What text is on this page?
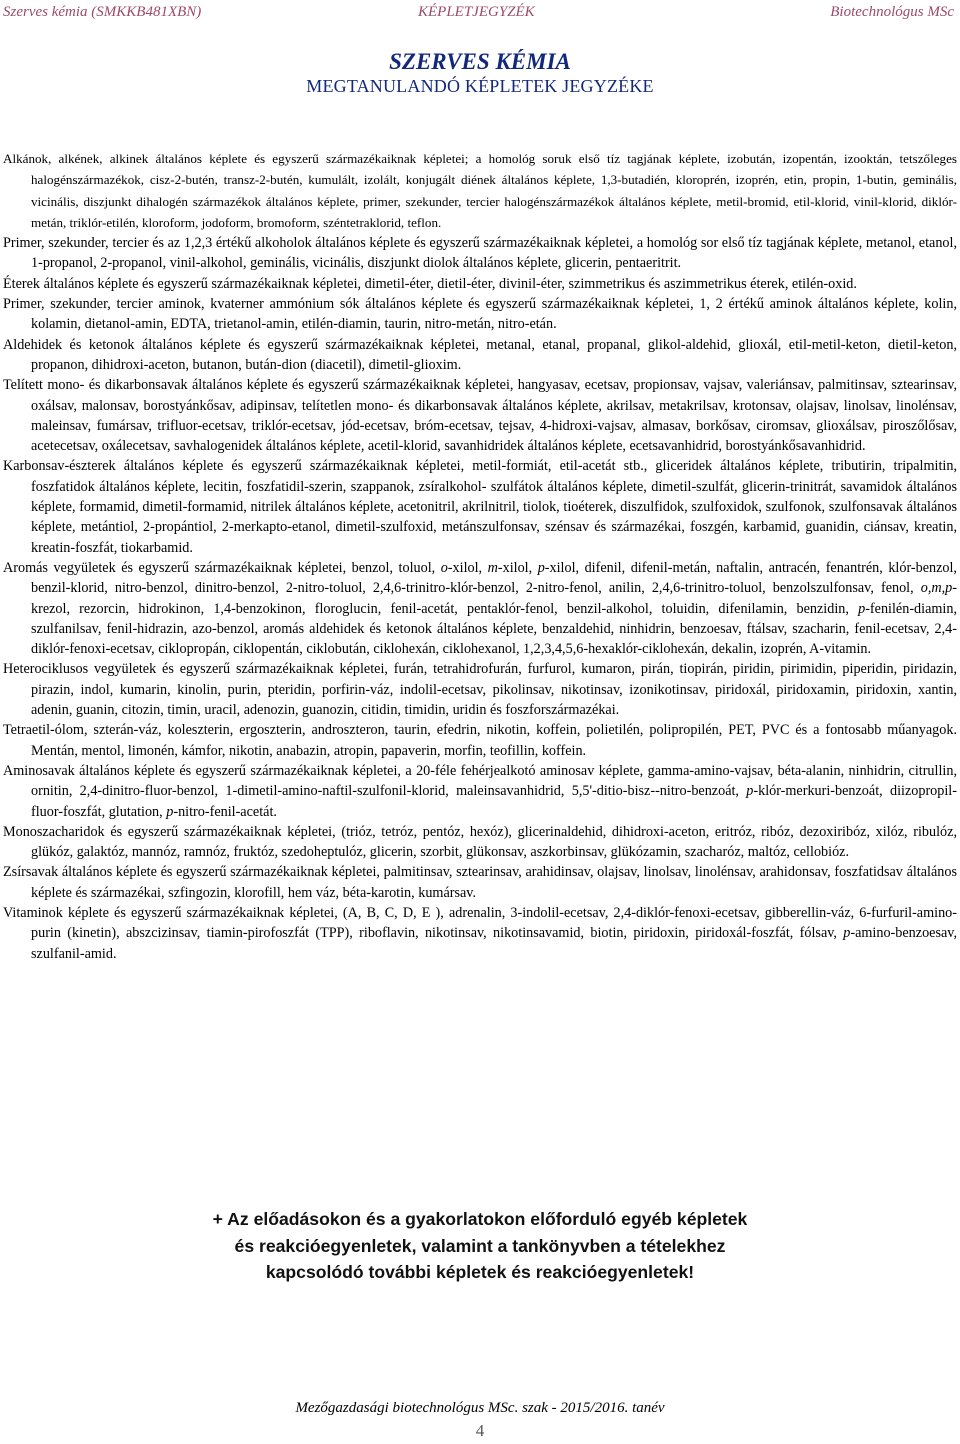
Szerves kémia (SMKKB481XBN)	KÉPLETJEGYZÉK	Biotechnológus MSc
SZERVES KÉMIA
MEGTANULANDÓ KÉPLETEK JEGYZÉKE

Alkánok, alkének, alkinek általános képlete és egyszerű származékaiknak képletei; a homológ soruk első tíz tagjának képlete, izobután, izopentán, izooktán, tetszőleges halogénszármazékok, cisz-2-butén, transz-2-butén, kumulált, izolált, konjugált diének általános képlete, 1,3-butadién, kloroprén, izoprén, etin, propin, 1-butin, geminális, vicinális, diszjunkt dihalogén származékok általános képlete, primer, szekunder, tercier halogénszármazékok általános képlete, metil-bromid, etil-klorid, vinil-klorid, diklór-metán, triklór-etilén, kloroform, jodoform, bromoform, széntetraklorid, teflon.

Primer, szekunder, tercier és az 1,2,3 értékű alkoholok általános képlete és egyszerű származékaiknak képletei, a homológ sor első tíz tagjának képlete, metanol, etanol, 1-propanol, 2-propanol, vinil-alkohol, geminális, vicinális, diszjunkt diolok általános képlete, glicerin, pentaeritrit.

Éterek általános képlete és egyszerű származékaiknak képletei, dimetil-éter, dietil-éter, divinil-éter, szimmetrikus és aszimmetrikus éterek, etilén-oxid.

Primer, szekunder, tercier aminok, kvaterner ammónium sók általános képlete és egyszerű származékaiknak képletei, 1, 2 értékű aminok általános képlete, kolin, kolamin, dietanol-amin, EDTA, trietanol-amin, etilén-diamin, taurin, nitro-metán, nitro-etán.

Aldehidek és ketonok általános képlete és egyszerű származékaiknak képletei, metanal, etanal, propanal, glikol-aldehid, glioxál, etil-metil-keton, dietil-keton, propanon, dihidroxi-aceton, butanon, bután-dion (diacetil), dimetil-glioxim.

Telített mono- és dikarbonsavak általános képlete és egyszerű származékaiknak képletei, hangyasav, ecetsav, propionsav, vajsav, valeriánsav, palmitinsav, sztearinsav, oxálsav, malonsav, borostyánkősav, adipinsav, telítetlen mono- és dikarbonsavak általános képlete, akrilsav, metakrilsav, krotonsav, olajsav, linolsav, linolénsav, maleinsav, fumársav, trifluor-ecetsav, triklór-ecetsav, jód-ecetsav, bróm-ecetsav, tejsav, 4-hidroxi-vajsav, almasav, borkősav, ciromsav, glioxálsav, piroszőlősav, acetecetsav, oxálecetsav, savhalogenidek általános képlete, acetil-klorid, savanhidridek általános képlete, ecetsavanhidrid, borostyánkősavanhidrid.

Karbonsav-észterek általános képlete és egyszerű származékaiknak képletei, metil-formiát, etil-acetát stb., gliceridek általános képlete, tributirin, tripalmitin, foszfatidok általános képlete, lecitin, foszfatidil-szerin, szappanok, zsíralkohol- szulfátok általános képlete, dimetil-szulfát, glicerin-trinitrát, savamidok általános képlete, formamid, dimetil-formamid, nitrilek általános képlete, acetonitril, akrilnitril, tiolok, tioéterek, diszulfidok, szulfoxidok, szulfonok, szulfonsavak általános képlete, metántiol, 2-propántiol, 2-merkapto-etanol, dimetil-szulfoxid, metánszulfonsav, szénsav és származékai, foszgén, karbamid, guanidin, ciánsav, kreatin, kreatin-foszfát, tiokarbamid.

Aromás vegyületek és egyszerű származékaiknak képletei, benzol, toluol, o-xilol, m-xilol, p-xilol, difenil, difenil-metán, naftalin, antracén, fenantrén, klór-benzol, benzil-klorid, nitro-benzol, dinitro-benzol, 2-nitro-toluol, 2,4,6-trinitro-klór-benzol, 2-nitro-fenol, anilin, 2,4,6-trinitro-toluol, benzolszulfonsav, fenol, o,m,p-krezol, rezorcin, hidrokinon, 1,4-benzokinon, floroglucin, fenil-acetát, pentaklór-fenol, benzil-alkohol, toluidin, difenilamin, benzidin, p-fenilén-diamin, szulfanilsav, fenil-hidrazin, azo-benzol, aromás aldehidek és ketonok általános képlete, benzaldehid, ninhidrin, benzoesav, ftálsav, szacharin, fenil-ecetsav, 2,4-diklór-fenoxi-ecetsav, ciklopropán, ciklopentán, ciklobután, ciklohexán, ciklohexanol, 1,2,3,4,5,6-hexaklór-ciklohexán, dekalin, izoprén, A-vitamin.

Heterociklusos vegyületek és egyszerű származékaiknak képletei, furán, tetrahidrofurán, furfurol, kumaron, pirán, tiopirán, piridin, pirimidin, piperidin, piridazin, pirazin, indol, kumarin, kinolin, purin, pteridin, porfirin-váz, indolil-ecetsav, pikolinsav, nikotinsav, izonikotinsav, piridoxál, piridoxamin, piridoxin, xantin, adenin, guanin, citozin, timin, uracil, adenozin, guanozin, citidin, timidin, uridin és foszforszármazékai.

Tetraetil-ólom, szterán-váz, koleszterin, ergoszterin, androszteron, taurin, efedrin, nikotin, koffein, polietilén, polipropilén, PET, PVC és a fontosabb műanyagok. Mentán, mentol, limonén, kámfor, nikotin, anabazin, atropin, papaverin, morfin, teofillin, koffein.

Aminosavak általános képlete és egyszerű származékaiknak képletei, a 20-féle fehérjealkotó aminosav képlete, gamma-amino-vajsav, béta-alanin, ninhidrin, citrullin, ornitin, 2,4-dinitro-fluor-benzol, 1-dimetil-amino-naftil-szulfonil-klorid, maleinsavanhidrid, 5,5'-ditio-bisz--nitro-benzoát, p-klór-merkuri-benzoát, diizopropil-fluor-foszfát, glutation, p-nitro-fenil-acetát.

Monoszacharidok és egyszerű származékaiknak képletei, (trióz, tetróz, pentóz, hexóz), glicerinaldehid, dihidroxi-aceton, eritróz, ribóz, dezoxiribóz, xilóz, ribulóz, glükóz, galaktóz, mannóz, ramnóz, fruktóz, szedoheptulóz, glicerin, szorbit, glükonsav, aszkorbinsav, glükózamin, szacharóz, maltóz, cellobióz.

Zsírsavak általános képlete és egyszerű származékaiknak képletei, palmitinsav, sztearinsav, arahidinsav, olajsav, linolsav, linolénsav, arahidonsav, foszfatidsav általános képlete és származékai, szfingozin, klorofill, hem váz, béta-karotin, kumársav.

Vitaminok képlete és egyszerű származékaiknak képletei, (A, B, C, D, E ), adrenalin, 3-indolil-ecetsav, 2,4-diklór-fenoxi-ecetsav, gibberellin-váz, 6-furfuril-amino-purin (kinetin), abszcizinsav, tiamin-pirofoszfát (TPP), riboflavin, nikotinsav, nikotinsavamid, biotin, piridoxin, piridoxál-foszfát, fólsav, p-amino-benzoesav, szulfanil-amid.

+ Az előadásokon és a gyakorlatokon előforduló egyéb képletek
és reakcióegyenletek, valamint a tankönyvben a tételekhez
kapcsolódó további képletek és reakcióegyenletek!
Mezőgazdasági biotechnológus MSc. szak - 2015/2016. tanév
4
